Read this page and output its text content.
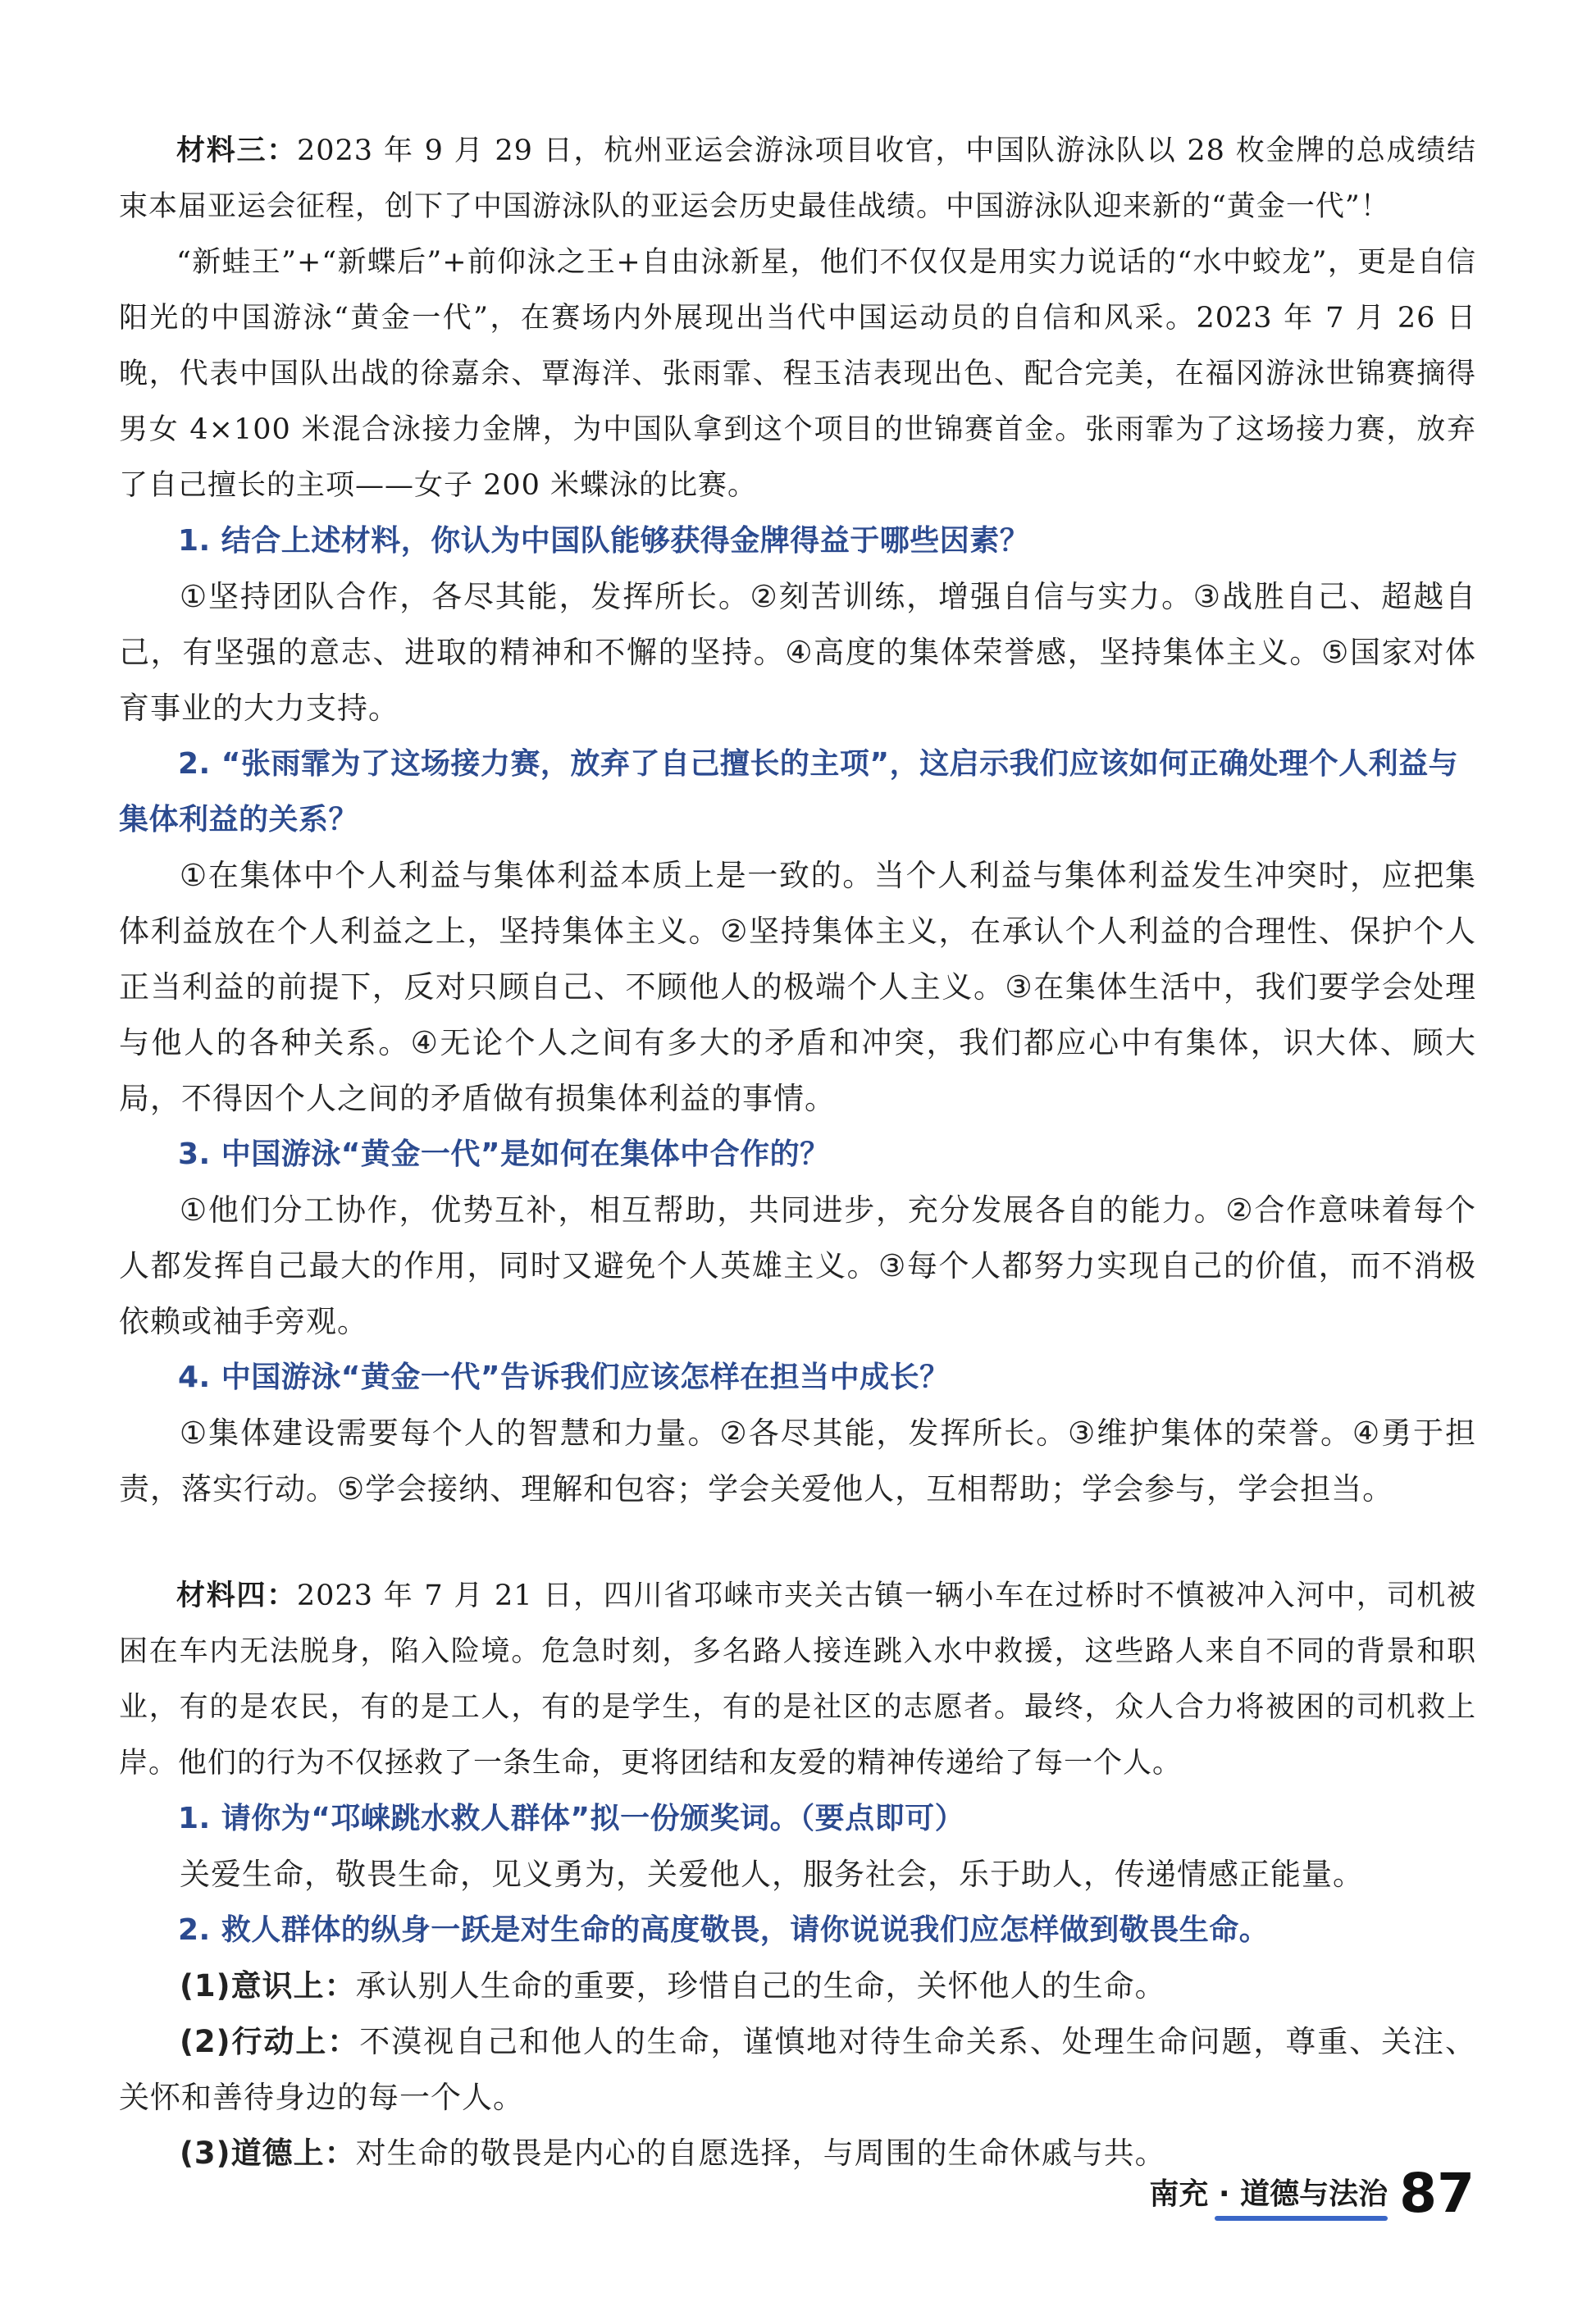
材料三：2023 年 9 月 29 日，杭州亚运会游泳项目收官，中国队游泳队以 28 枚金牌的总成绩结束本届亚运会征程，创下了中国游泳队的亚运会历史最佳战绩。中国游泳队迎来新的“黄金一代”！

“新蛙王”+“新蝶后”+前仰泳之王+自由泳新星，他们不仅仅是用实力说话的“水中蛟龙”，更是自信阳光的中国游泳“黄金一代”，在赛场内外展现出当代中国运动员的自信和风采。2023 年 7 月 26 日晚，代表中国队出战的徐嘉余、覃海洋、张雨霏、程玉洁表现出色、配合完美，在福冈游泳世锦赛摘得男女 4×100 米混合泳接力金牌，为中国队拿到这个项目的世锦赛首金。张雨霏为了这场接力赛，放弃了自己擅长的主项——女子 200 米蝶泳的比赛。

1. 结合上述材料，你认为中国队能够获得金牌得益于哪些因素？

①坚持团队合作，各尽其能，发挥所长。②刻苦训练，增强自信与实力。③战胜自己、超越自己，有坚强的意志、进取的精神和不懈的坚持。④高度的集体荣誉感，坚持集体主义。⑤国家对体育事业的大力支持。

2. “张雨霏为了这场接力赛，放弃了自己擅长的主项”，这启示我们应该如何正确处理个人利益与集体利益的关系？

①在集体中个人利益与集体利益本质上是一致的。当个人利益与集体利益发生冲突时，应把集体利益放在个人利益之上，坚持集体主义。②坚持集体主义，在承认个人利益的合理性、保护个人正当利益的前提下，反对只顾自己、不顾他人的极端个人主义。③在集体生活中，我们要学会处理与他人的各种关系。④无论个人之间有多大的矛盾和冲突，我们都应心中有集体，识大体、顾大局，不得因个人之间的矛盾做有损集体利益的事情。

3. 中国游泳“黄金一代”是如何在集体中合作的？

①他们分工协作，优势互补，相互帮助，共同进步，充分发展各自的能力。②合作意味着每个人都发挥自己最大的作用，同时又避免个人英雄主义。③每个人都努力实现自己的价值，而不消极依赖或袖手旁观。

4. 中国游泳“黄金一代”告诉我们应该怎样在担当中成长？

①集体建设需要每个人的智慧和力量。②各尽其能，发挥所长。③维护集体的荣誉。④勇于担责，落实行动。⑤学会接纳、理解和包容；学会关爱他人，互相帮助；学会参与，学会担当。

材料四：2023 年 7 月 21 日，四川省邛崃市夹关古镇一辆小车在过桥时不慎被冲入河中，司机被困在车内无法脱身，陷入险境。危急时刻，多名路人接连跳入水中救援，这些路人来自不同的背景和职业，有的是农民，有的是工人，有的是学生，有的是社区的志愿者。最终，众人合力将被困的司机救上岸。他们的行为不仅拯救了一条生命，更将团结和友爱的精神传递给了每一个人。

1. 请你为“邛崃跳水救人群体”拟一份颁奖词。（要点即可）

关爱生命，敬畏生命，见义勇为，关爱他人，服务社会，乐于助人，传递情感正能量。

2. 救人群体的纵身一跃是对生命的高度敬畏，请你说说我们应怎样做到敬畏生命。

(1)意识上：承认别人生命的重要，珍惜自己的生命，关怀他人的生命。

(2)行动上：不漠视自己和他人的生命，谨慎地对待生命关系、处理生命问题，尊重、关注、关怀和善待身边的每一个人。

(3)道德上：对生命的敬畏是内心的自愿选择，与周围的生命休戚与共。

南充 · 道德与法治 87
